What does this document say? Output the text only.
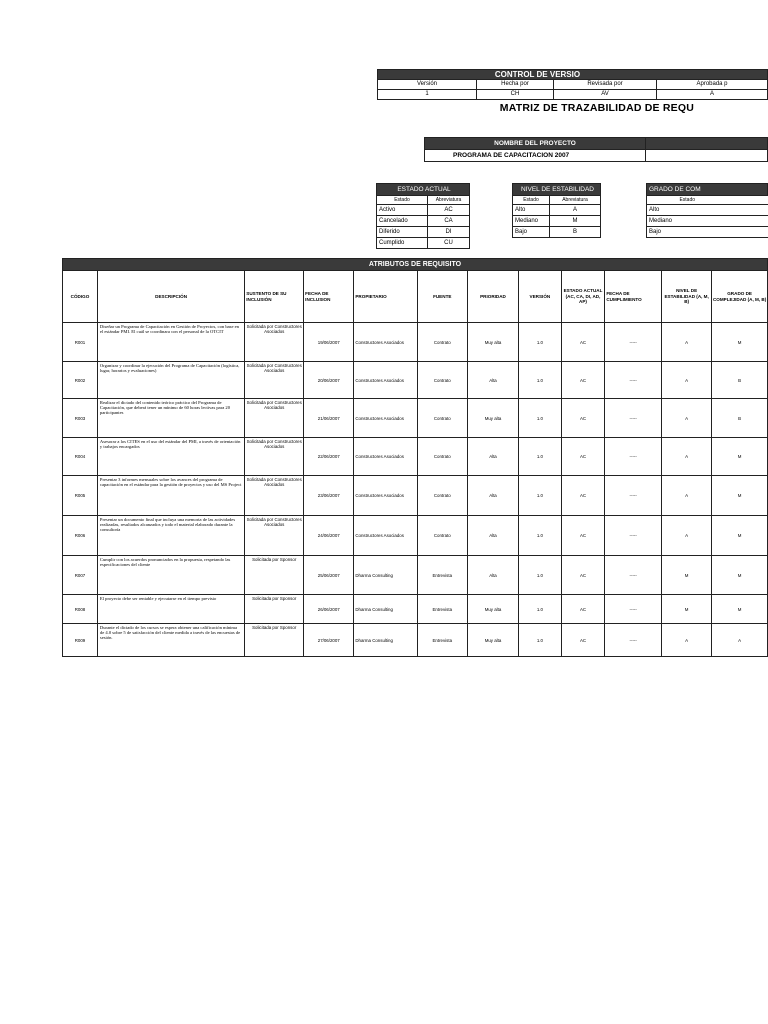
CONTROL DE VERSIO			
Versión	Hecha por	Revisada por	Aprobada p
1	CH	AV	A
MATRIZ DE TRAZABILIDAD DE REQU
NOMBRE DEL PROYECTO	
PROGRAMA DE CAPACITACION 2007	
ESTADO ACTUAL	
Estado	Abreviatura
Activo	AC
Cancelado	CA
Diferido	DI
Cumplido	CU
NIVEL DE ESTABILIDAD	
Estado	Abreviatura
Alto	A
Mediano	M
Bajo	B
GRADO DE COM
Estado
Alto
Mediano
Bajo
ATRIBUTOS DE REQUISITO											
CÓDIGO	DESCRIPCIÓN	SUSTENTO DE SU INCLUSIÓN	FECHA DE INCLUSION	PROPIETARIO	FUENTE	PRIORIDAD	VERSIÓN	ESTADO ACTUAL (AC, CA, DI, AD, AP)	FECHA DE CUMPLIMIENTO	NIVEL DE ESTABILIDAD (A, M, B)	GRADO DE COMPLEJIDAD (A, M, B)
R001	Diseñar un Programa de Capacitación en Gestión de Proyectos, con base en el estándar PMI. El cuál se coordinara con el personal de la OTCIT	Solicitada por Constructores Asociados	19/06/2007	Constructores Asociados	Contrato	Muy alta	1.0	AC	-----	A	M
R002	Organizar y coordinar la ejecución del Programa de Capacitación (logística, lugar, horarios y evaluaciones)	Solicitada por Constructores Asociados	20/06/2007	Constructores Asociados	Contrato	Alta	1.0	AC	-----	A	B
R003	Realizar el dictado del contenido teórico práctico del Programa de Capacitación, que deberá tener un mínimo de 60 horas lectivas para 20 participantes	Solicitada por Constructores Asociados	21/06/2007	Constructores Asociados	Contrato	Muy alta	1.0	AC	-----	A	B
R004	Asesorar a los CITES en el uso del estándar del PMI, a través de orientación y trabajos encargados	Solicitada por Constructores Asociados	22/06/2007	Constructores Asociados	Contrato	Alta	1.0	AC	-----	A	M
R005	Presentar 3 informes mensuales sobre los avances del programa de capacitación en el estándar para la gestión de proyectos y uso del MS Project	Solicitada por Constructores Asociados	23/06/2007	Constructores Asociados	Contrato	Alta	1.0	AC	-----	A	M
R006	Presentar un documento final que incluya una memoria de las actividades realizadas, resultados alcanzados y todo el material elaborado durante la consultoría	Solicitada por Constructores Asociados	24/06/2007	Constructores Asociados	Contrato	Alta	1.0	AC	-----	A	M
R007	Cumplir con los acuerdos pronunciados en la propuesta, respetando las especificaciones del cliente	Solicitada por Sponsor	25/06/2007	Dharma Consulting	Entrevista	Alta	1.0	AC	-----	M	M
R008	El proyecto debe ser rentable y ejecutarse en el tiempo previsto	Solicitada por Sponsor	26/06/2007	Dharma Consulting	Entrevista	Muy alta	1.0	AC	-----	M	M
R009	Durante el dictado de los cursos se espera obtener una calificación mínima de 4.0 sobre 5 de satisfacción del cliente medida a través de las encuestas de sesión.	Solicitada por Sponsor	27/06/2007	Dharma Consulting	Entrevista	Muy alta	1.0	AC	-----	A	A
